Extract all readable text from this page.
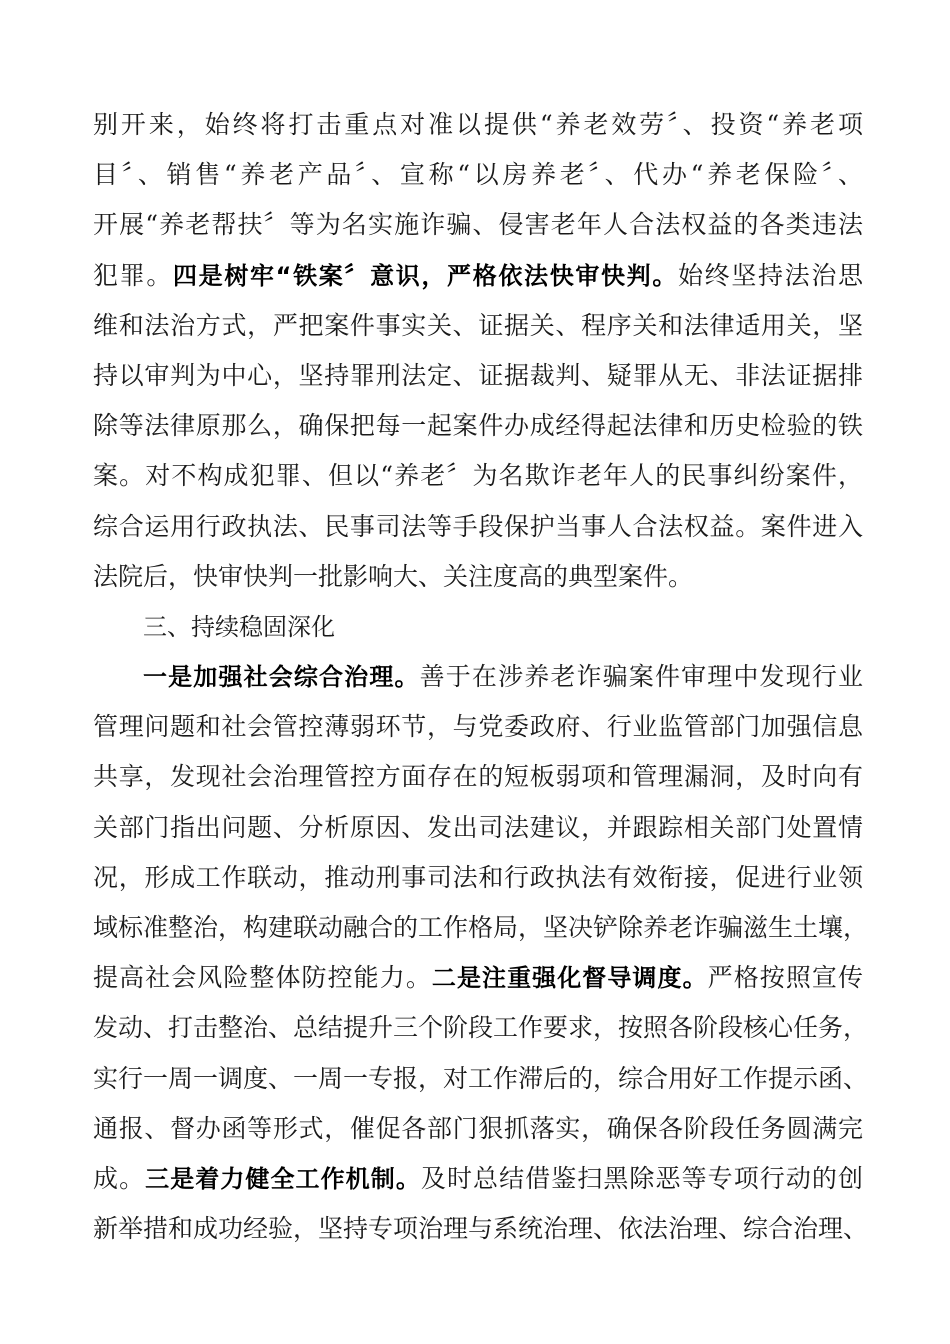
别开来，始终将打击重点对准以提供“养老效劳〞、投资“养老项
目〞、销售“养老产品〞、宣称“以房养老〞、代办“养老保险〞、
开展“养老帮扶〞等为名实施诈骗、侵害老年人合法权益的各类违法
犯罪。四是树牢“铁案〞意识，严格依法快审快判。始终坚持法治思
维和法治方式，严把案件事实关、证据关、程序关和法律适用关，坚
持以审判为中心，坚持罪刑法定、证据裁判、疑罪从无、非法证据排
除等法律原那么，确保把每一起案件办成经得起法律和历史检验的铁
案。对不构成犯罪、但以“养老〞为名欺诈老年人的民事纠纷案件，
综合运用行政执法、民事司法等手段保护当事人合法权益。案件进入
法院后，快审快判一批影响大、关注度高的典型案件。
三、持续稳固深化
一是加强社会综合治理。善于在涉养老诈骗案件审理中发现行业
管理问题和社会管控薄弱环节，与党委政府、行业监管部门加强信息
共享，发现社会治理管控方面存在的短板弱项和管理漏洞，及时向有
关部门指出问题、分析原因、发出司法建议，并跟踪相关部门处置情
况，形成工作联动，推动刑事司法和行政执法有效衔接，促进行业领
域标准整治，构建联动融合的工作格局，坚决铲除养老诈骗滋生土壤，
提高社会风险整体防控能力。二是注重强化督导调度。严格按照宣传
发动、打击整治、总结提升三个阶段工作要求，按照各阶段核心任务，
实行一周一调度、一周一专报，对工作滞后的，综合用好工作提示函、
通报、督办函等形式，催促各部门狠抓落实，确保各阶段任务圆满完
成。三是着力健全工作机制。及时总结借鉴扫黑除恶等专项行动的创
新举措和成功经验，坚持专项治理与系统治理、依法治理、综合治理、
